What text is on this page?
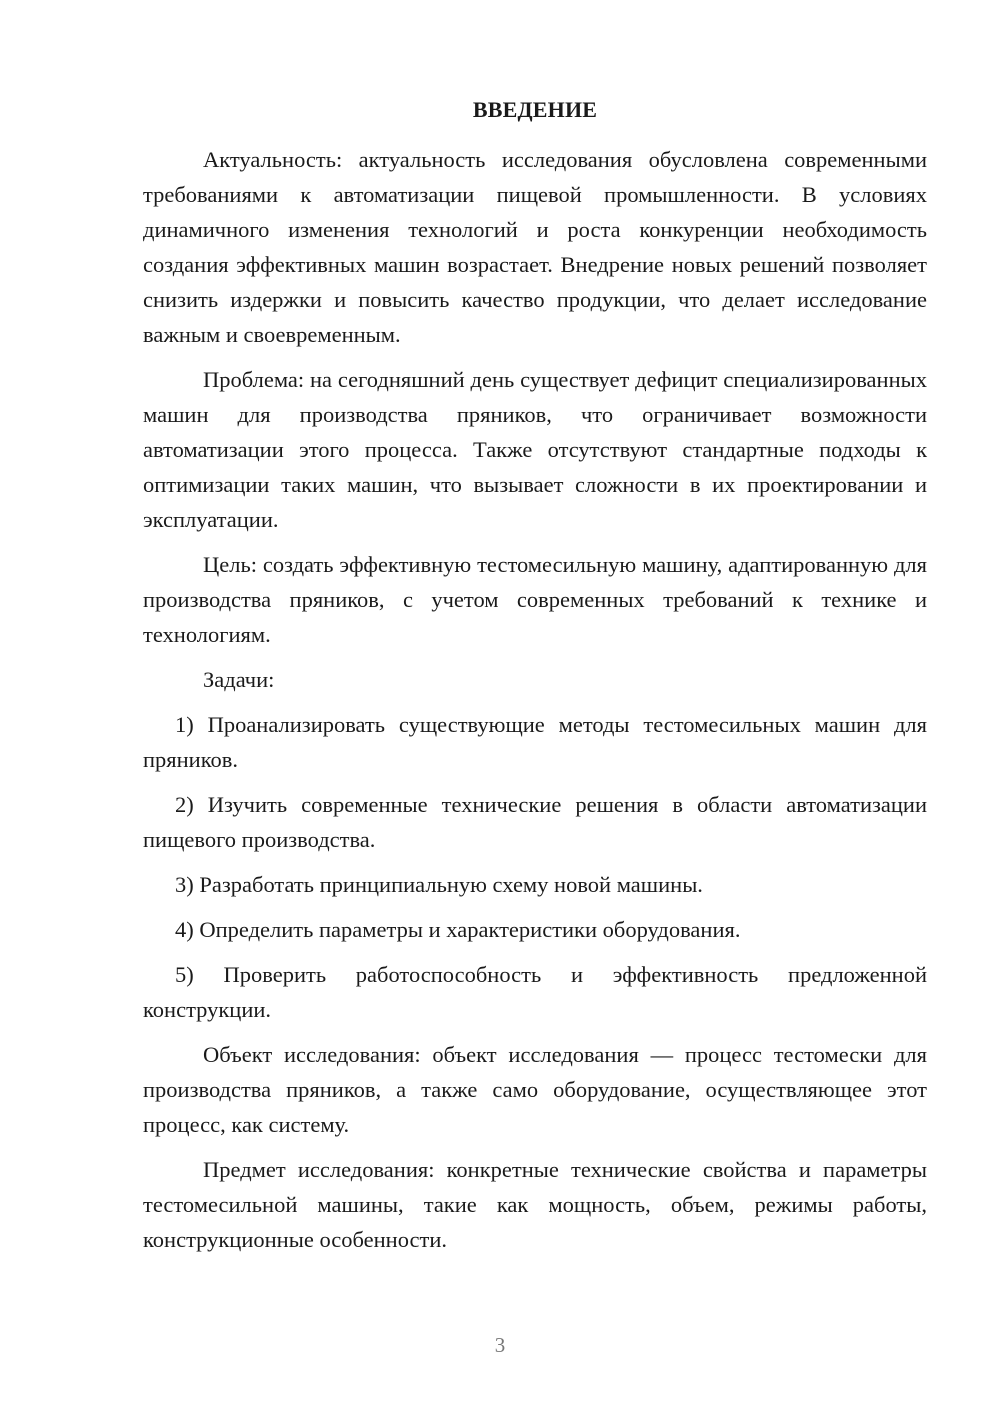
ВВЕДЕНИЕ

Актуальность: актуальность исследования обусловлена современными требованиями к автоматизации пищевой промышленности. В условиях динамичного изменения технологий и роста конкуренции необходимость создания эффективных машин возрастает. Внедрение новых решений позволяет снизить издержки и повысить качество продукции, что делает исследование важным и своевременным.

Проблема: на сегодняшний день существует дефицит специализированных машин для производства пряников, что ограничивает возможности автоматизации этого процесса. Также отсутствуют стандартные подходы к оптимизации таких машин, что вызывает сложности в их проектировании и эксплуатации.

Цель: создать эффективную тестомесильную машину, адаптированную для производства пряников, с учетом современных требований к технике и технологиям.

Задачи:

1) Проанализировать существующие методы тестомесильных машин для пряников.

2) Изучить современные технические решения в области автоматизации пищевого производства.

3) Разработать принципиальную схему новой машины.

4) Определить параметры и характеристики оборудования.

5) Проверить работоспособность и эффективность предложенной конструкции.

Объект исследования: объект исследования — процесс тестомески для производства пряников, а также само оборудование, осуществляющее этот процесс, как систему.

Предмет исследования: конкретные технические свойства и параметры тестомесильной машины, такие как мощность, объем, режимы работы, конструкционные особенности.

3
